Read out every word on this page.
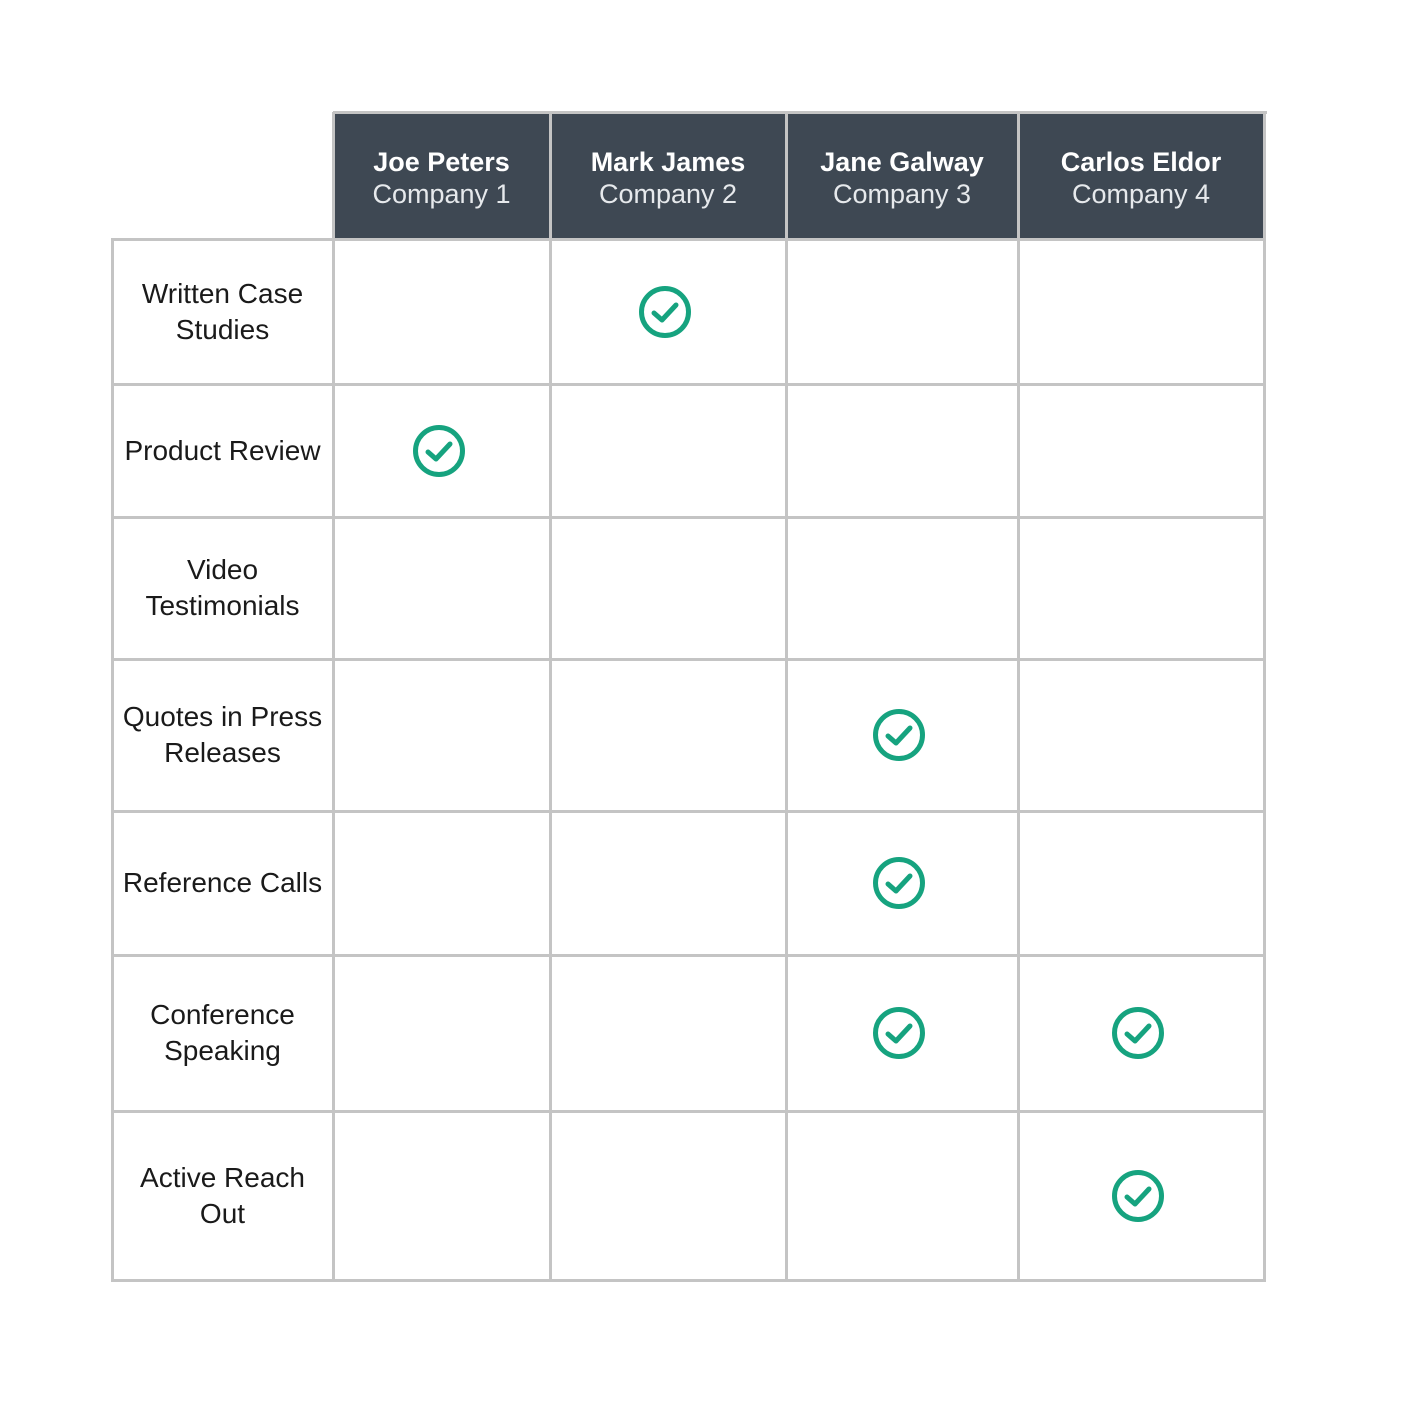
Joe Peters
Company 1
Mark James
Company 2
Jane Galway
Company 3
Carlos Eldor
Company 4
Written Case Studies
Product Review
Video Testimonials
Quotes in Press Releases
Reference Calls
Conference Speaking
Active Reach Out
